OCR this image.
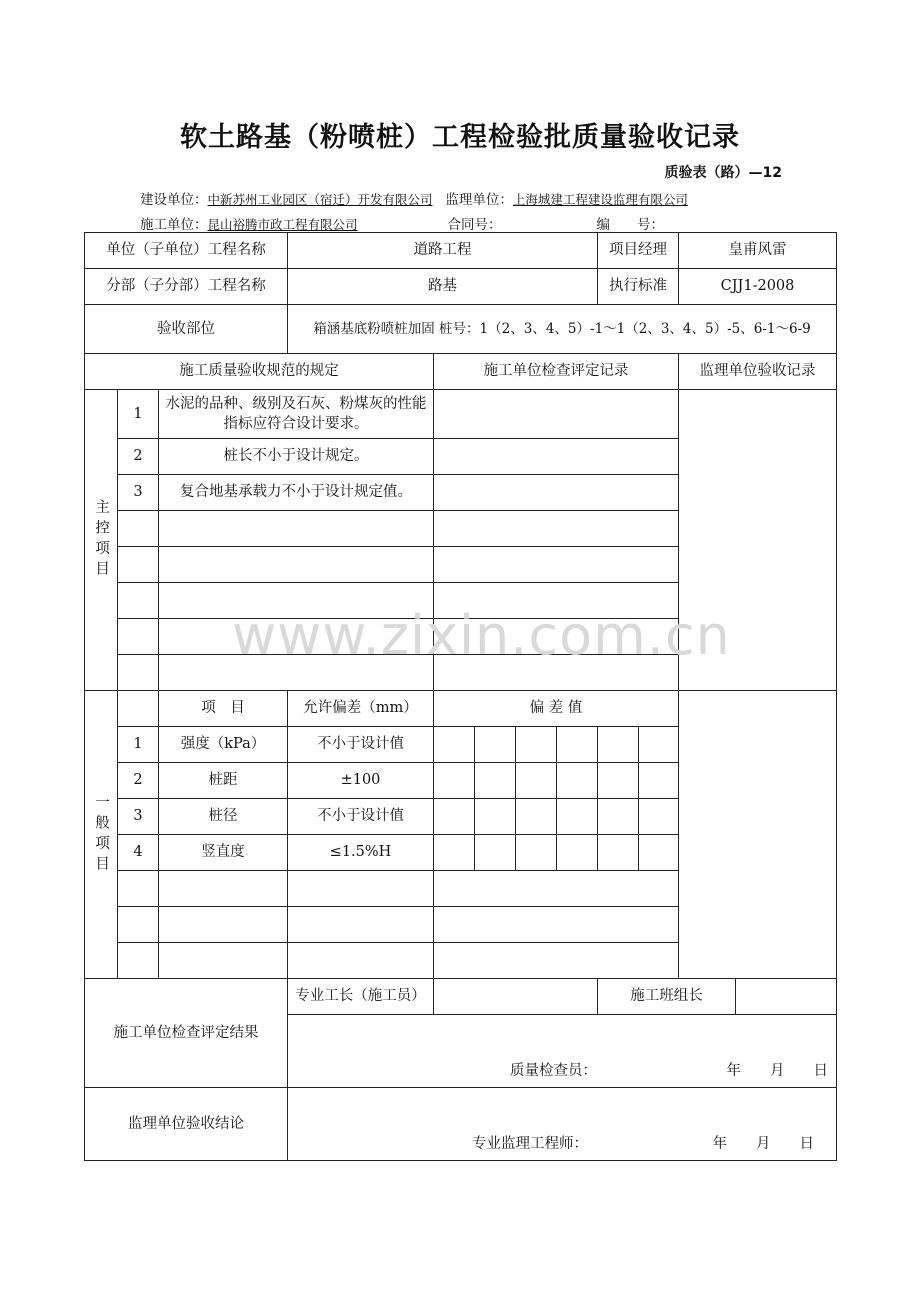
软土路基（粉喷桩）工程检验批质量验收记录
质验表（路）—12
建设单位：中新苏州工业园区（宿迁）开发有限公司 监理单位：上海城建工程建设监理有限公司
施工单位：昆山裕腾市政工程有限公司	合同号：	编　　号：
单位（子单位）工程名称			道路工程					项目经理		皇甫风雷	
分部（子分部）工程名称			路基					执行标准		CJJ1-2008	
验收部位			箱涵基底粉喷桩加固 桩号：1（2、3、4、5）-1～1（2、3、4、5）-5、6-1～6-9								
施工质量验收规范的规定				施工单位检查评定记录						监理单位验收记录	

主控项目	1	水泥的品种、级别及石灰、粉煤灰的性能指标应符合设计要求。									
	2	桩长不小于设计规定。									
	3	复合地基承载力不小于设计规定值。									

一般项目		项　目	允许偏差（mm）	偏 差 值							
	1	强度（kPa）	不小于设计值								
	2	桩距	±100								
	3	桩径	不小于设计值								
	4	竖直度	≤1.5%H								

施工单位检查评定结果			专业工长（施工员）					施工班组长			

			质量检查员： 年　　月　　日								

监理单位验收结论			专业监理工程师： 年　　月　　日								
www.zixin.com.cn
